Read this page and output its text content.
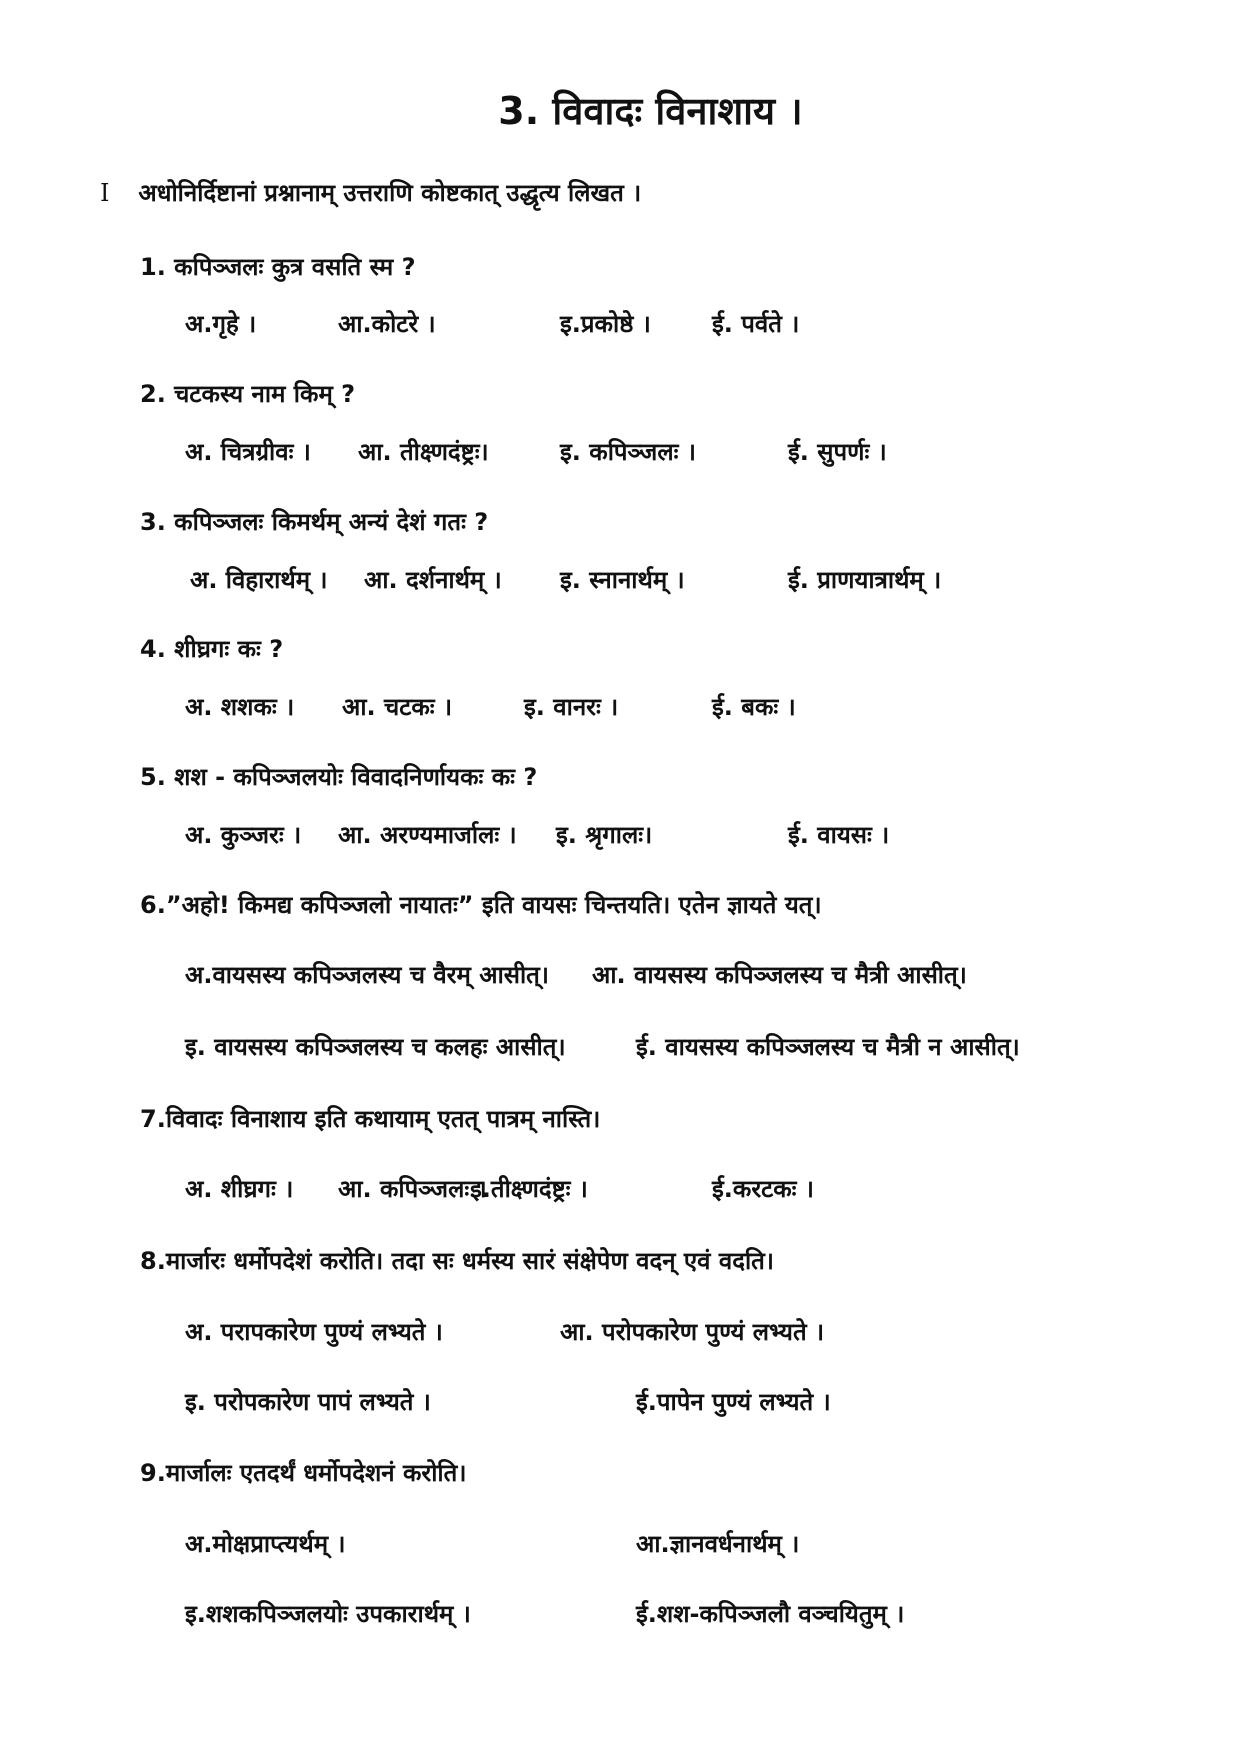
3. विवादः विनाशाय ।
I अधोनिर्दिष्टानां प्रश्नानाम् उत्तराणि कोष्टकात् उद्धृत्य लिखत ।
1. कपिञ्जलः कुत्र वसति स्म ?
अ.गृहे ।	आ.कोटरे ।	इ.प्रकोष्ठे ।	ई. पर्वते ।
2. चटकस्य नाम किम् ?
अ. चित्रग्रीवः । आ. तीक्ष्णदंष्ट्रः।	इ. कपिञ्जलः ।	ई. सुपर्णः ।
3. कपिञ्जलः किमर्थम् अन्यं देशं गतः ?
अ. विहारार्थम् । आ. दर्शनार्थम् । इ. स्नानार्थम् ।	ई. प्राणयात्रार्थम् ।
4. शीघ्रगः कः ?
अ. शशकः । आ. चटकः ।	इ. वानरः ।	ई. बकः ।
5. शश - कपिञ्जलयोः विवादनिर्णायकः कः ?
अ. कुञ्जरः । आ. अरण्यमार्जालः । इ. श्रृगालः।	ई. वायसः ।
6.”अहो! किमद्य कपिञ्जलो नायातः” इति वायसः चिन्तयति। एतेन ज्ञायते यत्।
अ.वायसस्य कपिञ्जलस्य च वैरम् आसीत्। आ. वायसस्य कपिञ्जलस्य च मैत्री आसीत्।
इ. वायसस्य कपिञ्जलस्य च कलहः आसीत्।	ई. वायसस्य कपिञ्जलस्य च मैत्री न आसीत्।
7.विवादः विनाशाय इति कथायाम् एतत् पात्रम् नास्ति।
अ. शीघ्रगः । आ. कपिञ्जलः ।
इ.तीक्ष्णदंष्ट्रः ।	ई.करटकः ।
8.मार्जारः धर्मोपदेशं करोति। तदा सः धर्मस्य सारं संक्षेपेण वदन् एवं वदति।
अ. परापकारेण पुण्यं लभ्यते ।	आ. परोपकारेण पुण्यं लभ्यते ।
इ. परोपकारेण पापं लभ्यते ।	ई.पापेन पुण्यं लभ्यते ।
9.मार्जालः एतदर्थं धर्मोपदेशनं करोति।
अ.मोक्षप्राप्त्यर्थम् ।	आ.ज्ञानवर्धनार्थम् ।
इ.शशकपिञ्जलयोः उपकारार्थम् ।	ई.शश-कपिञ्जलौ वञ्चयितुम् ।
